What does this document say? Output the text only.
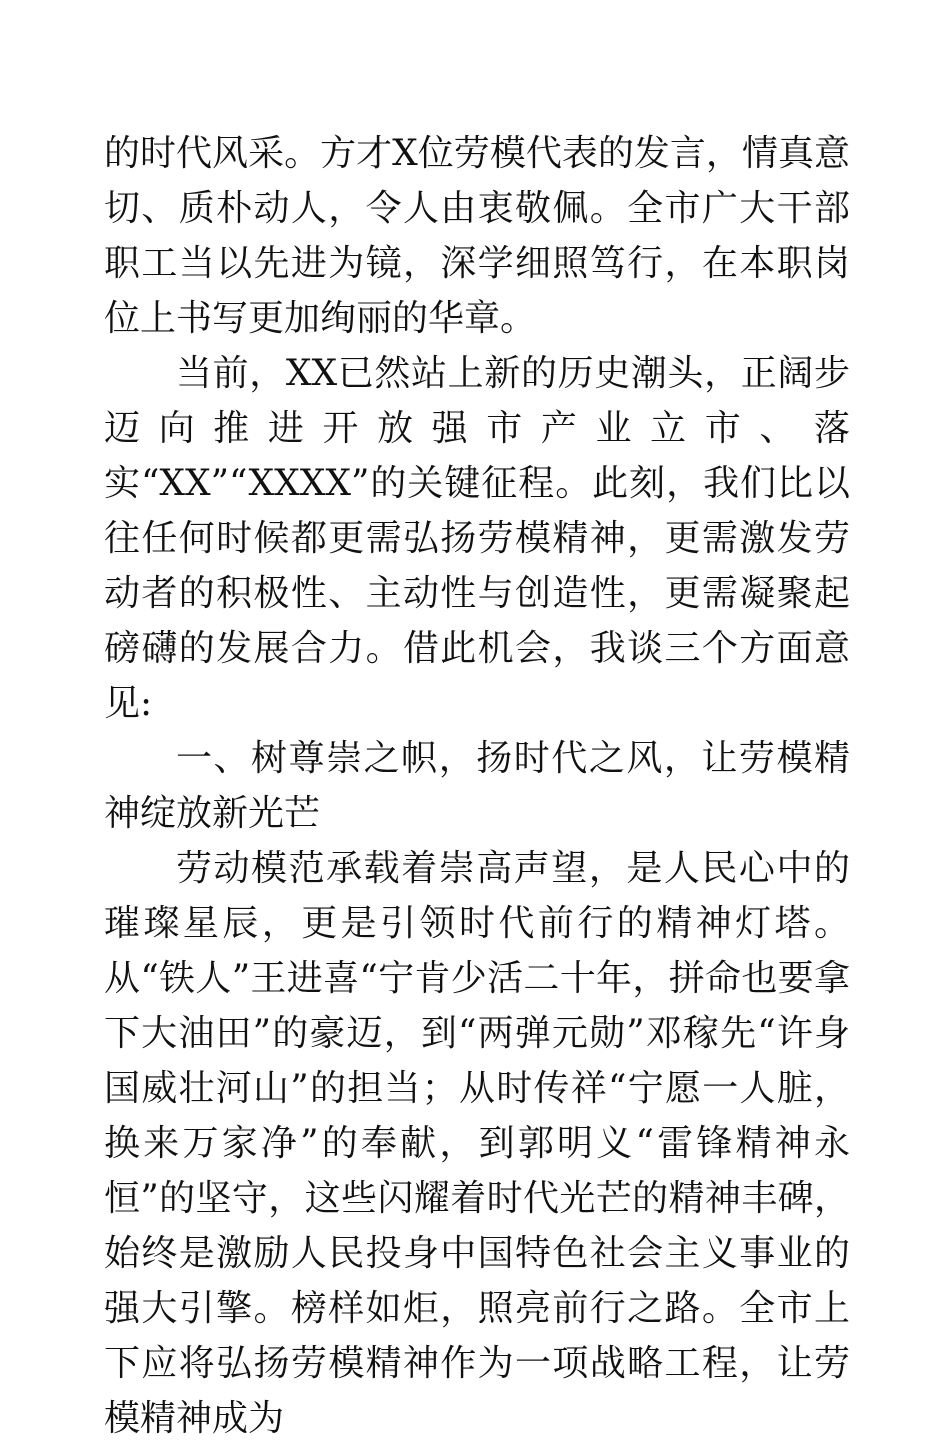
的时代风采。方才X位劳模代表的发言，情真意切、质朴动人，令人由衷敬佩。全市广大干部职工当以先进为镜，深学细照笃行，在本职岗位上书写更加绚丽的华章。

当前，XX已然站上新的历史潮头，正阔步迈向推进开放强市产业立市、落实“XX”“XXXX”的关键征程。此刻，我们比以往任何时候都更需弘扬劳模精神，更需激发劳动者的积极性、主动性与创造性，更需凝聚起磅礴的发展合力。借此机会，我谈三个方面意见:

一、树尊崇之帜，扬时代之风，让劳模精神绽放新光芒

劳动模范承载着崇高声望，是人民心中的璀璨星辰，更是引领时代前行的精神灯塔。从“铁人”王进喜“宁肯少活二十年，拼命也要拿下大油田”的豪迈，到“两弹元勋”邓稼先“许身国威壮河山”的担当；从时传祥“宁愿一人脏，换来万家净”的奉献，到郭明义“雷锋精神永恒”的坚守，这些闪耀着时代光芒的精神丰碑，始终是激励人民投身中国特色社会主义事业的强大引擎。榜样如炬，照亮前行之路。全市上下应将弘扬劳模精神作为一项战略工程，让劳模精神成为
